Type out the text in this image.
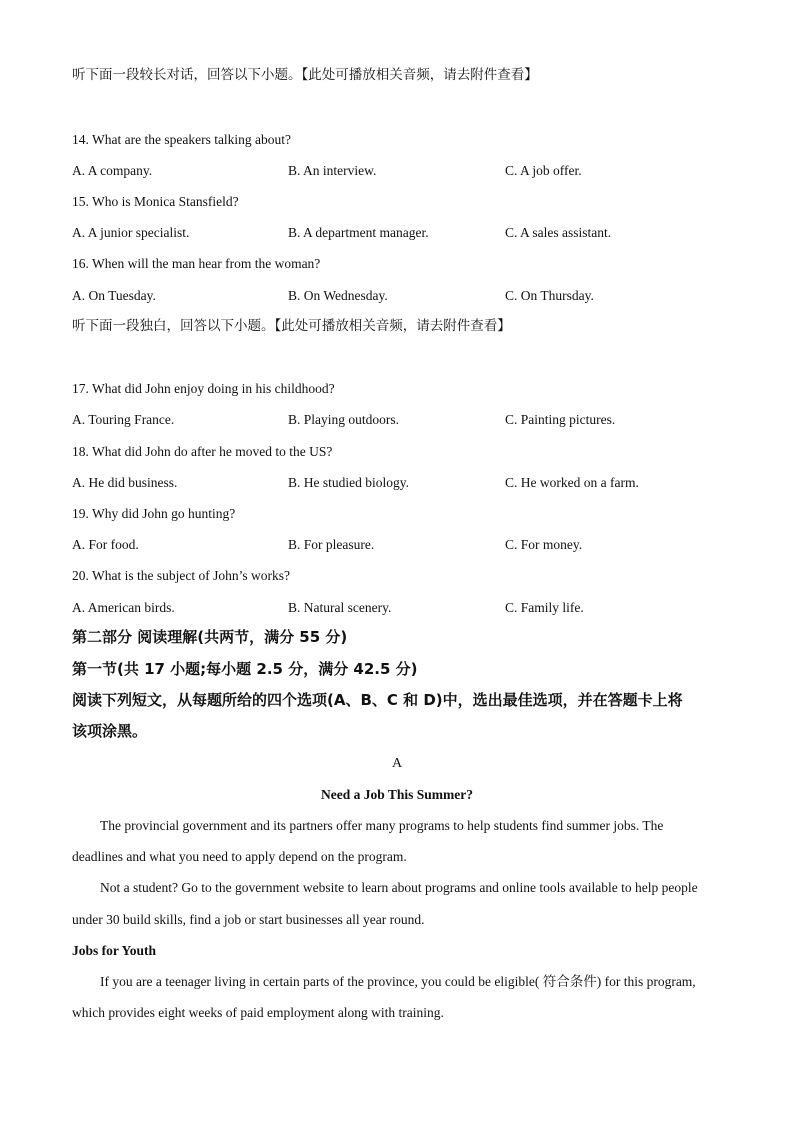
听下面一段较长对话，回答以下小题。【此处可播放相关音频，请去附件查看】
14. What are the speakers talking about?
A. A company.	B. An interview.	C. A job offer.
15. Who is Monica Stansfield?
A. A junior specialist.	B. A department manager.	C. A sales assistant.
16. When will the man hear from the woman?
A. On Tuesday.	B. On Wednesday.	C. On Thursday.
听下面一段独白，回答以下小题。【此处可播放相关音频，请去附件查看】
17. What did John enjoy doing in his childhood?
A. Touring France.	B. Playing outdoors.	C. Painting pictures.
18. What did John do after he moved to the US?
A. He did business.	B. He studied biology.	C. He worked on a farm.
19. Why did John go hunting?
A. For food.	B. For pleasure.	C. For money.
20. What is the subject of John’s works?
A. American birds.	B. Natural scenery.	C. Family life.
第二部分 阅读理解(共两节，满分 55 分)
第一节(共 17 小题;每小题 2.5 分，满分 42.5 分)
阅读下列短文，从每题所给的四个选项(A、B、C 和 D)中，选出最佳选项，并在答题卡上将
该项涂黑。
A
Need a Job This Summer?
The provincial government and its partners offer many programs to help students find summer jobs. The
deadlines and what you need to apply depend on the program.
Not a student? Go to the government website to learn about programs and online tools available to help people
under 30 build skills, find a job or start businesses all year round.
Jobs for Youth
If you are a teenager living in certain parts of the province, you could be eligible( 符合条件) for this program,
which provides eight weeks of paid employment along with training.
